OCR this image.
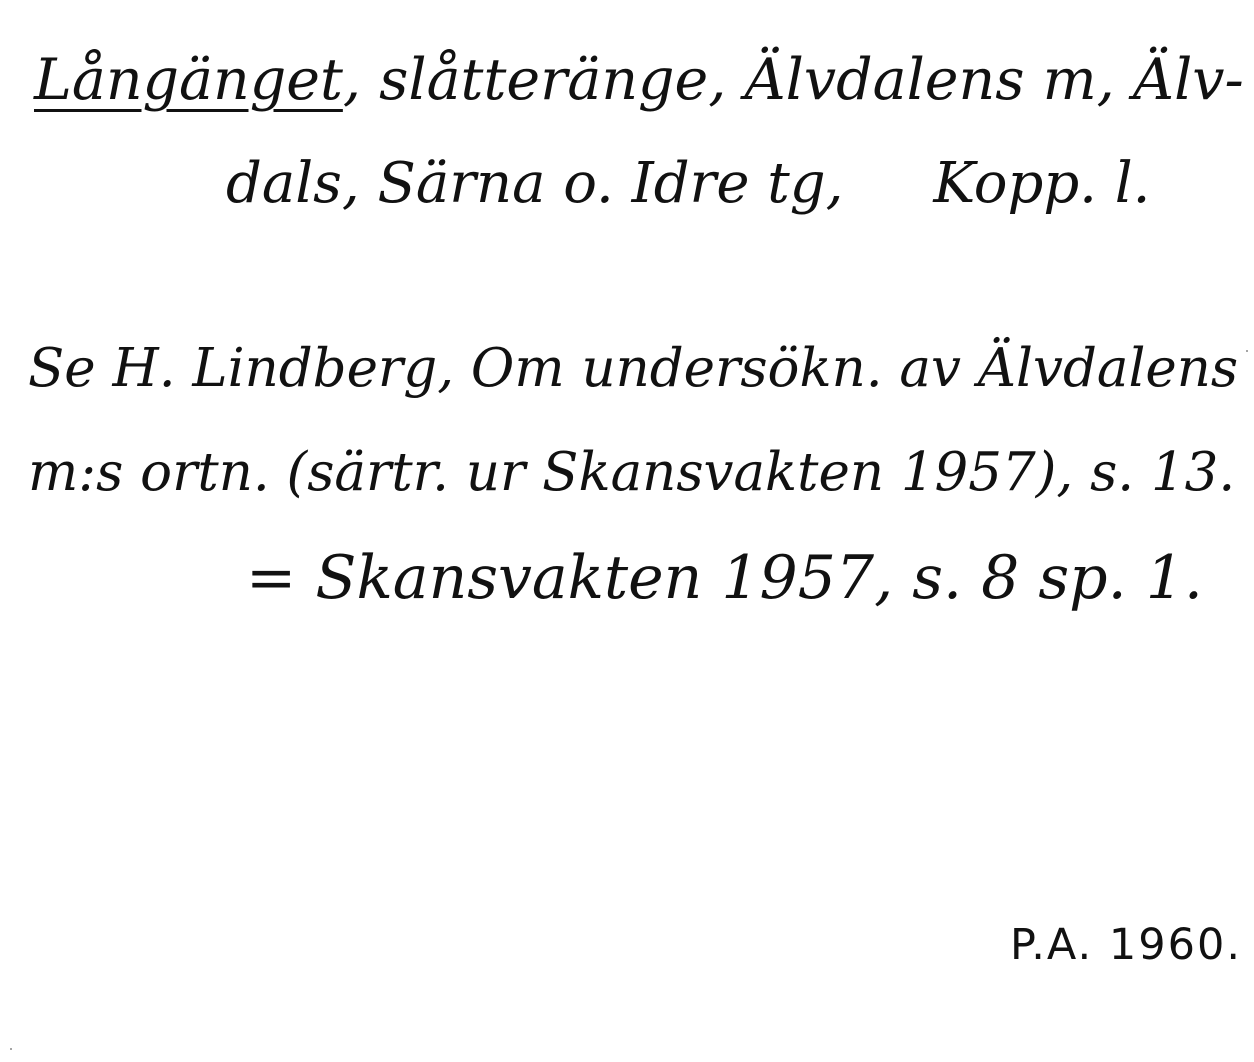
Långänget, slåtteränge, Älvdalens m, Älv-
dals, Särna o. Idre tg, Kopp. l.
Se H. Lindberg, Om undersökn. av Älvdalens
m:s ortn. (särtr. ur Skansvakten 1957), s. 13.
= Skansvakten 1957, s. 8 sp. 1.
P.A. 1960.
